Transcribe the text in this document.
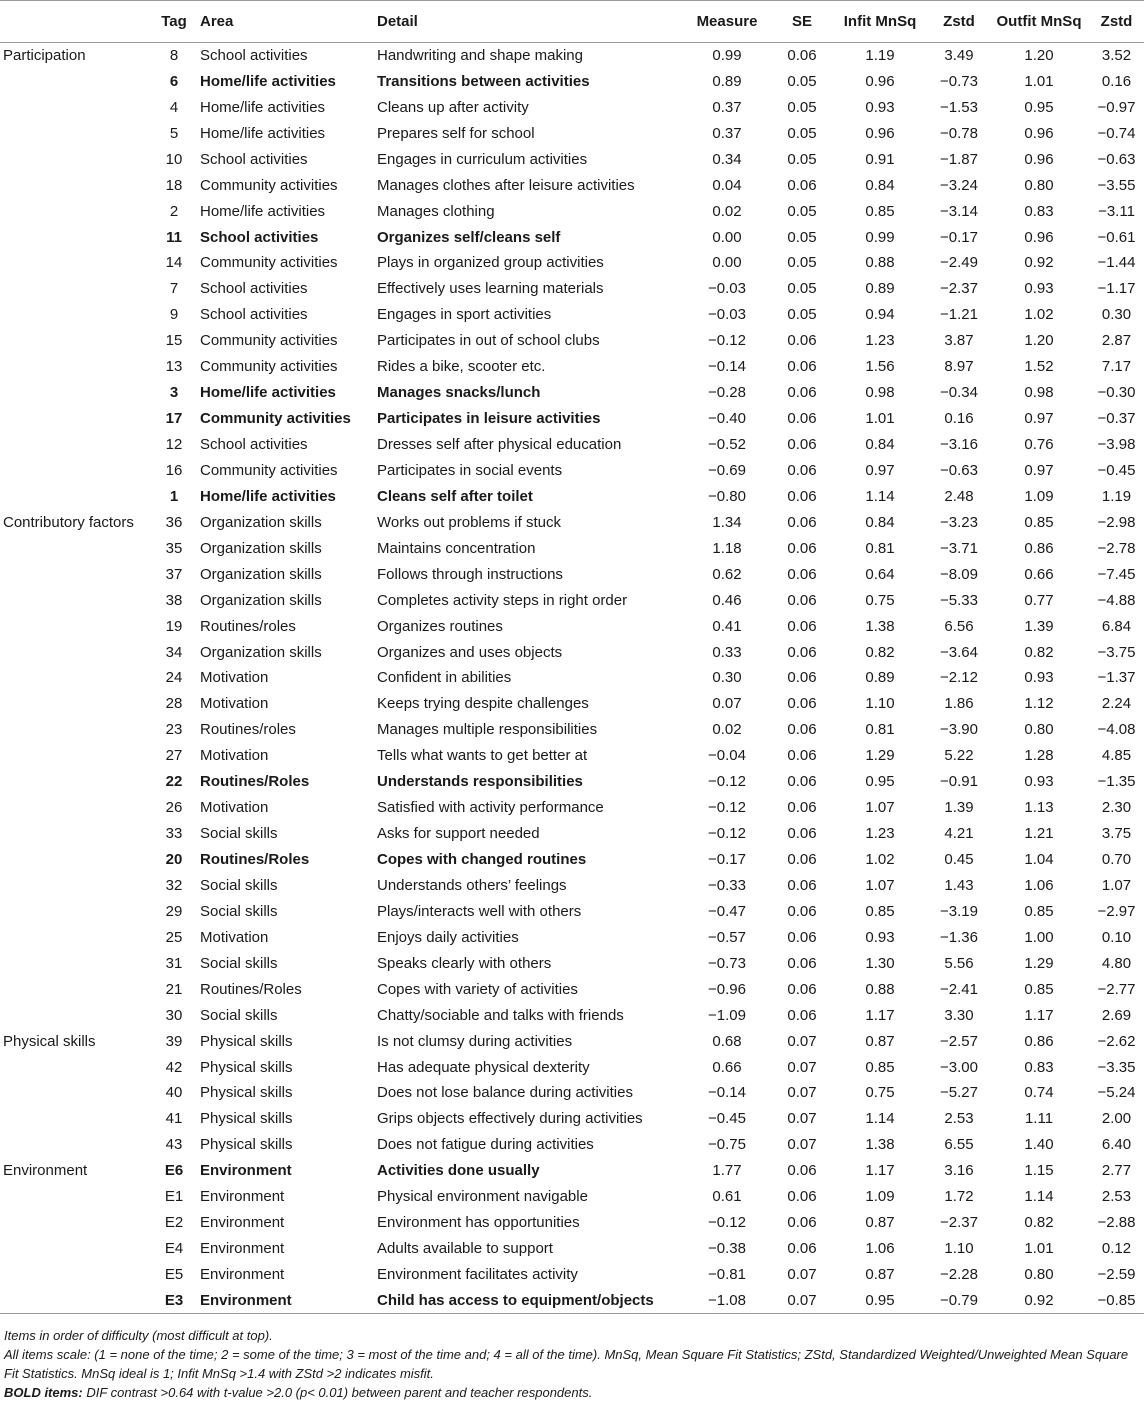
	Tag	Area	Detail	Measure	SE	Infit MnSq	Zstd	Outfit MnSq	Zstd
Participation	8	School activities	Handwriting and shape making	0.99	0.06	1.19	3.49	1.20	3.52
	6	Home/life activities	Transitions between activities	0.89	0.05	0.96	−0.73	1.01	0.16
	4	Home/life activities	Cleans up after activity	0.37	0.05	0.93	−1.53	0.95	−0.97
	5	Home/life activities	Prepares self for school	0.37	0.05	0.96	−0.78	0.96	−0.74
	10	School activities	Engages in curriculum activities	0.34	0.05	0.91	−1.87	0.96	−0.63
	18	Community activities	Manages clothes after leisure activities	0.04	0.06	0.84	−3.24	0.80	−3.55
	2	Home/life activities	Manages clothing	0.02	0.05	0.85	−3.14	0.83	−3.11
	11	School activities	Organizes self/cleans self	0.00	0.05	0.99	−0.17	0.96	−0.61
	14	Community activities	Plays in organized group activities	0.00	0.05	0.88	−2.49	0.92	−1.44
	7	School activities	Effectively uses learning materials	−0.03	0.05	0.89	−2.37	0.93	−1.17
	9	School activities	Engages in sport activities	−0.03	0.05	0.94	−1.21	1.02	0.30
	15	Community activities	Participates in out of school clubs	−0.12	0.06	1.23	3.87	1.20	2.87
	13	Community activities	Rides a bike, scooter etc.	−0.14	0.06	1.56	8.97	1.52	7.17
	3	Home/life activities	Manages snacks/lunch	−0.28	0.06	0.98	−0.34	0.98	−0.30
	17	Community activities	Participates in leisure activities	−0.40	0.06	1.01	0.16	0.97	−0.37
	12	School activities	Dresses self after physical education	−0.52	0.06	0.84	−3.16	0.76	−3.98
	16	Community activities	Participates in social events	−0.69	0.06	0.97	−0.63	0.97	−0.45
	1	Home/life activities	Cleans self after toilet	−0.80	0.06	1.14	2.48	1.09	1.19
Contributory factors	36	Organization skills	Works out problems if stuck	1.34	0.06	0.84	−3.23	0.85	−2.98
	35	Organization skills	Maintains concentration	1.18	0.06	0.81	−3.71	0.86	−2.78
	37	Organization skills	Follows through instructions	0.62	0.06	0.64	−8.09	0.66	−7.45
	38	Organization skills	Completes activity steps in right order	0.46	0.06	0.75	−5.33	0.77	−4.88
	19	Routines/roles	Organizes routines	0.41	0.06	1.38	6.56	1.39	6.84
	34	Organization skills	Organizes and uses objects	0.33	0.06	0.82	−3.64	0.82	−3.75
	24	Motivation	Confident in abilities	0.30	0.06	0.89	−2.12	0.93	−1.37
	28	Motivation	Keeps trying despite challenges	0.07	0.06	1.10	1.86	1.12	2.24
	23	Routines/roles	Manages multiple responsibilities	0.02	0.06	0.81	−3.90	0.80	−4.08
	27	Motivation	Tells what wants to get better at	−0.04	0.06	1.29	5.22	1.28	4.85
	22	Routines/Roles	Understands responsibilities	−0.12	0.06	0.95	−0.91	0.93	−1.35
	26	Motivation	Satisfied with activity performance	−0.12	0.06	1.07	1.39	1.13	2.30
	33	Social skills	Asks for support needed	−0.12	0.06	1.23	4.21	1.21	3.75
	20	Routines/Roles	Copes with changed routines	−0.17	0.06	1.02	0.45	1.04	0.70
	32	Social skills	Understands others’ feelings	−0.33	0.06	1.07	1.43	1.06	1.07
	29	Social skills	Plays/interacts well with others	−0.47	0.06	0.85	−3.19	0.85	−2.97
	25	Motivation	Enjoys daily activities	−0.57	0.06	0.93	−1.36	1.00	0.10
	31	Social skills	Speaks clearly with others	−0.73	0.06	1.30	5.56	1.29	4.80
	21	Routines/Roles	Copes with variety of activities	−0.96	0.06	0.88	−2.41	0.85	−2.77
	30	Social skills	Chatty/sociable and talks with friends	−1.09	0.06	1.17	3.30	1.17	2.69
Physical skills	39	Physical skills	Is not clumsy during activities	0.68	0.07	0.87	−2.57	0.86	−2.62
	42	Physical skills	Has adequate physical dexterity	0.66	0.07	0.85	−3.00	0.83	−3.35
	40	Physical skills	Does not lose balance during activities	−0.14	0.07	0.75	−5.27	0.74	−5.24
	41	Physical skills	Grips objects effectively during activities	−0.45	0.07	1.14	2.53	1.11	2.00
	43	Physical skills	Does not fatigue during activities	−0.75	0.07	1.38	6.55	1.40	6.40
Environment	E6	Environment	Activities done usually	1.77	0.06	1.17	3.16	1.15	2.77
	E1	Environment	Physical environment navigable	0.61	0.06	1.09	1.72	1.14	2.53
	E2	Environment	Environment has opportunities	−0.12	0.06	0.87	−2.37	0.82	−2.88
	E4	Environment	Adults available to support	−0.38	0.06	1.06	1.10	1.01	0.12
	E5	Environment	Environment facilitates activity	−0.81	0.07	0.87	−2.28	0.80	−2.59
	E3	Environment	Child has access to equipment/objects	−1.08	0.07	0.95	−0.79	0.92	−0.85

Items in order of difficulty (most difficult at top).

All items scale: (1 = none of the time; 2 = some of the time; 3 = most of the time and; 4 = all of the time). MnSq, Mean Square Fit Statistics; ZStd, Standardized Weighted/Unweighted Mean Square Fit Statistics. MnSq ideal is 1; Infit MnSq >1.4 with ZStd >2 indicates misfit.

BOLD items: DIF contrast >0.64 with t-value >2.0 (p< 0.01) between parent and teacher respondents.
